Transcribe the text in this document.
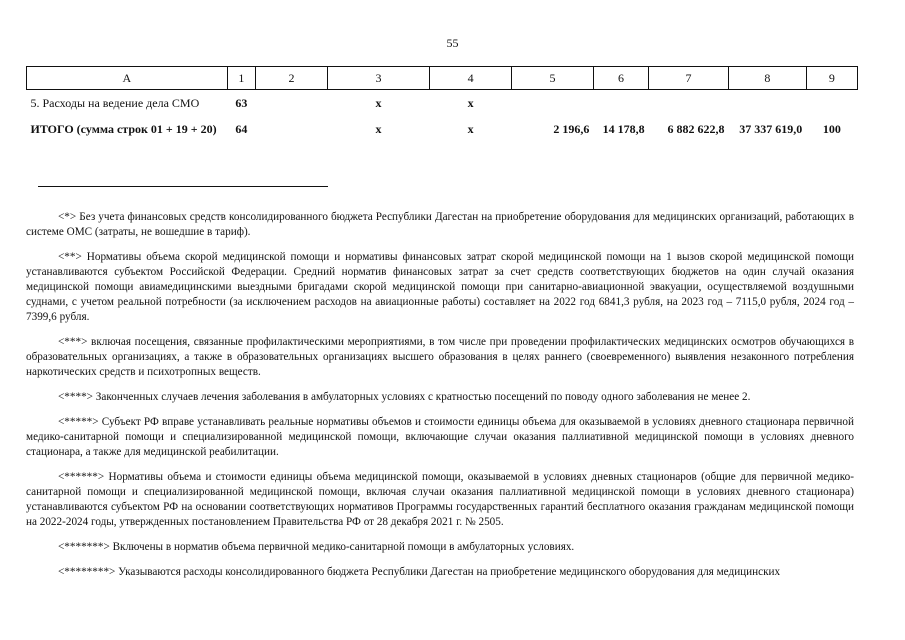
55
А	1	2	3	4	5	6	7	8	9
5. Расходы на ведение дела СМО	63		х	х					
ИТОГО (сумма строк 01 + 19 + 20)	64		х	х	2 196,6	14 178,8	6 882 622,8	37 337 619,0	100

<*> Без учета финансовых средств консолидированного бюджета Республики Дагестан на приобретение оборудования для медицинских организаций, работающих в системе ОМС (затраты, не вошедшие в тариф).

<**> Нормативы объема скорой медицинской помощи и нормативы финансовых затрат скорой медицинской помощи на 1 вызов скорой медицинской помощи устанавливаются субъектом Российской Федерации. Средний норматив финансовых затрат за счет средств соответствующих бюджетов на один случай оказания медицинской помощи авиамедицинскими выездными бригадами скорой медицинской помощи при санитарно-авиационной эвакуации, осуществляемой воздушными суднами, с учетом реальной потребности (за исключением расходов на авиационные работы) составляет на 2022 год 6841,3 рубля, на 2023 год – 7115,0 рубля, 2024 год – 7399,6 рубля.

<***> включая посещения, связанные профилактическими мероприятиями, в том числе при проведении профилактических медицинских осмотров обучающихся в образовательных организациях, а также в образовательных организациях высшего образования в целях раннего (своевременного) выявления незаконного потребления наркотических средств и психотропных веществ.

<****> Законченных случаев лечения заболевания в амбулаторных условиях с кратностью посещений по поводу одного заболевания не менее 2.

<*****> Субъект РФ вправе устанавливать реальные нормативы объемов и стоимости единицы объема для оказываемой в условиях дневного стационара первичной медико-санитарной помощи и специализированной медицинской помощи, включающие случаи оказания паллиативной медицинской помощи в условиях дневного стационара, а также для медицинской реабилитации.

<******> Нормативы объема и стоимости единицы объема медицинской помощи, оказываемой в условиях дневных стационаров (общие для первичной медико-санитарной помощи и специализированной медицинской помощи, включая случаи оказания паллиативной медицинской помощи в условиях дневного стационара) устанавливаются субъектом РФ на основании соответствующих нормативов Программы государственных гарантий бесплатного оказания гражданам медицинской помощи на 2022-2024 годы, утвержденных постановлением Правительства РФ от 28 декабря 2021 г. № 2505.

<*******> Включены в норматив объема первичной медико-санитарной помощи в амбулаторных условиях.

<********> Указываются расходы консолидированного бюджета Республики Дагестан на приобретение медицинского оборудования для медицинских
